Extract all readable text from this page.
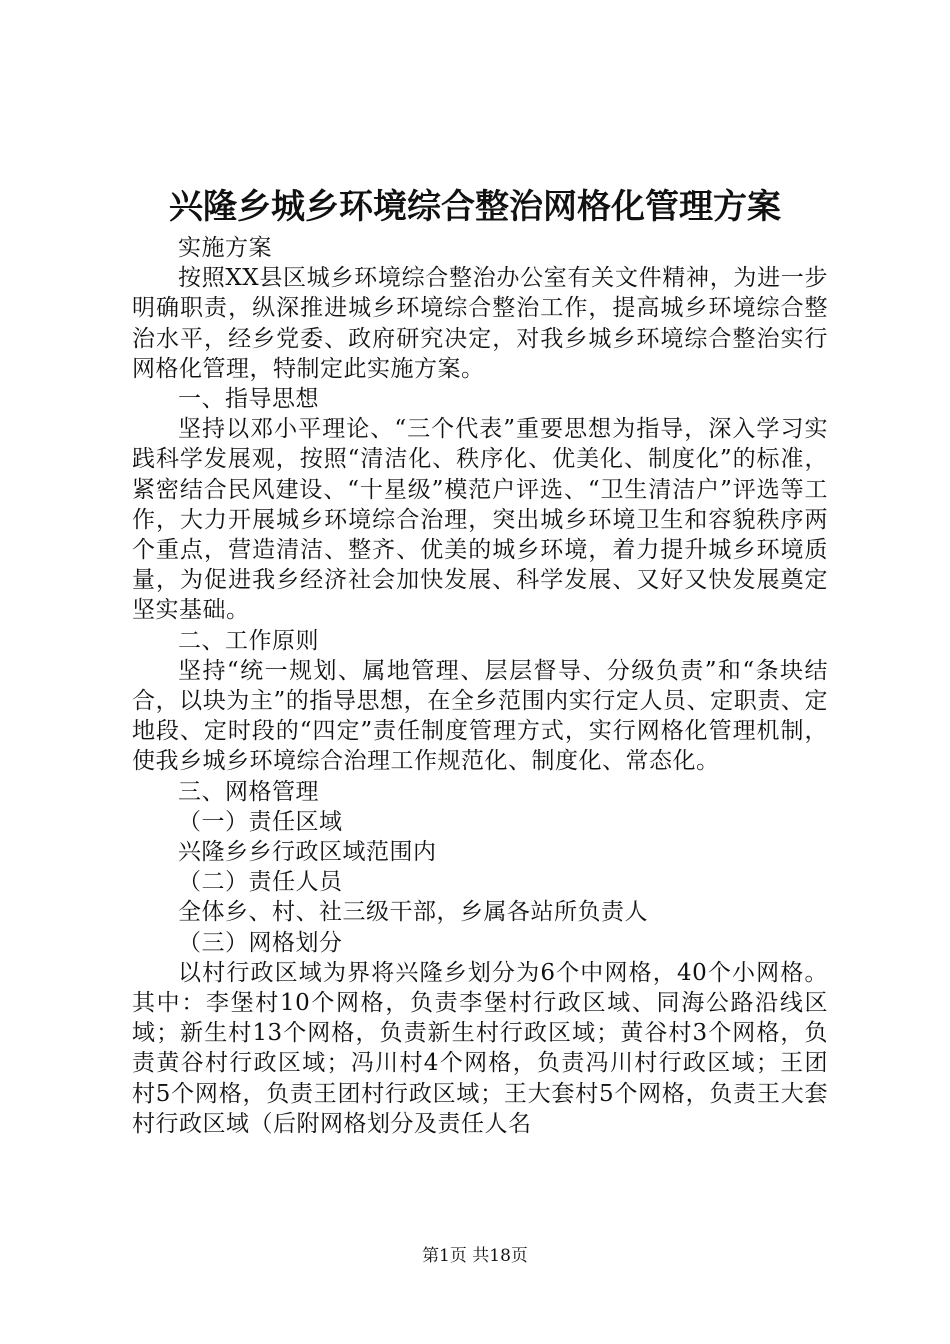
兴隆乡城乡环境综合整治网格化管理方案

实施方案

按照XX县区城乡环境综合整治办公室有关文件精神，为进一步明确职责，纵深推进城乡环境综合整治工作，提高城乡环境综合整治水平，经乡党委、政府研究决定，对我乡城乡环境综合整治实行网格化管理，特制定此实施方案。

一、指导思想

坚持以邓小平理论、“三个代表”重要思想为指导，深入学习实践科学发展观，按照“清洁化、秩序化、优美化、制度化”的标准，紧密结合民风建设、“十星级”模范户评选、“卫生清洁户”评选等工作，大力开展城乡环境综合治理，突出城乡环境卫生和容貌秩序两个重点，营造清洁、整齐、优美的城乡环境，着力提升城乡环境质量，为促进我乡经济社会加快发展、科学发展、又好又快发展奠定坚实基础。

二、工作原则

坚持“统一规划、属地管理、层层督导、分级负责”和“条块结合，以块为主”的指导思想，在全乡范围内实行定人员、定职责、定地段、定时段的“四定”责任制度管理方式，实行网格化管理机制，使我乡城乡环境综合治理工作规范化、制度化、常态化。

三、网格管理

（一）责任区域

兴隆乡乡行政区域范围内

（二）责任人员

全体乡、村、社三级干部，乡属各站所负责人

（三）网格划分

以村行政区域为界将兴隆乡划分为6个中网格，40个小网格。其中：李堡村10个网格，负责李堡村行政区域、同海公路沿线区域；新生村13个网格，负责新生村行政区域；黄谷村3个网格，负责黄谷村行政区域；冯川村4个网格，负责冯川村行政区域；王团村5个网格，负责王团村行政区域；王大套村5个网格，负责王大套村行政区域（后附网格划分及责任人名

第1页 共18页
